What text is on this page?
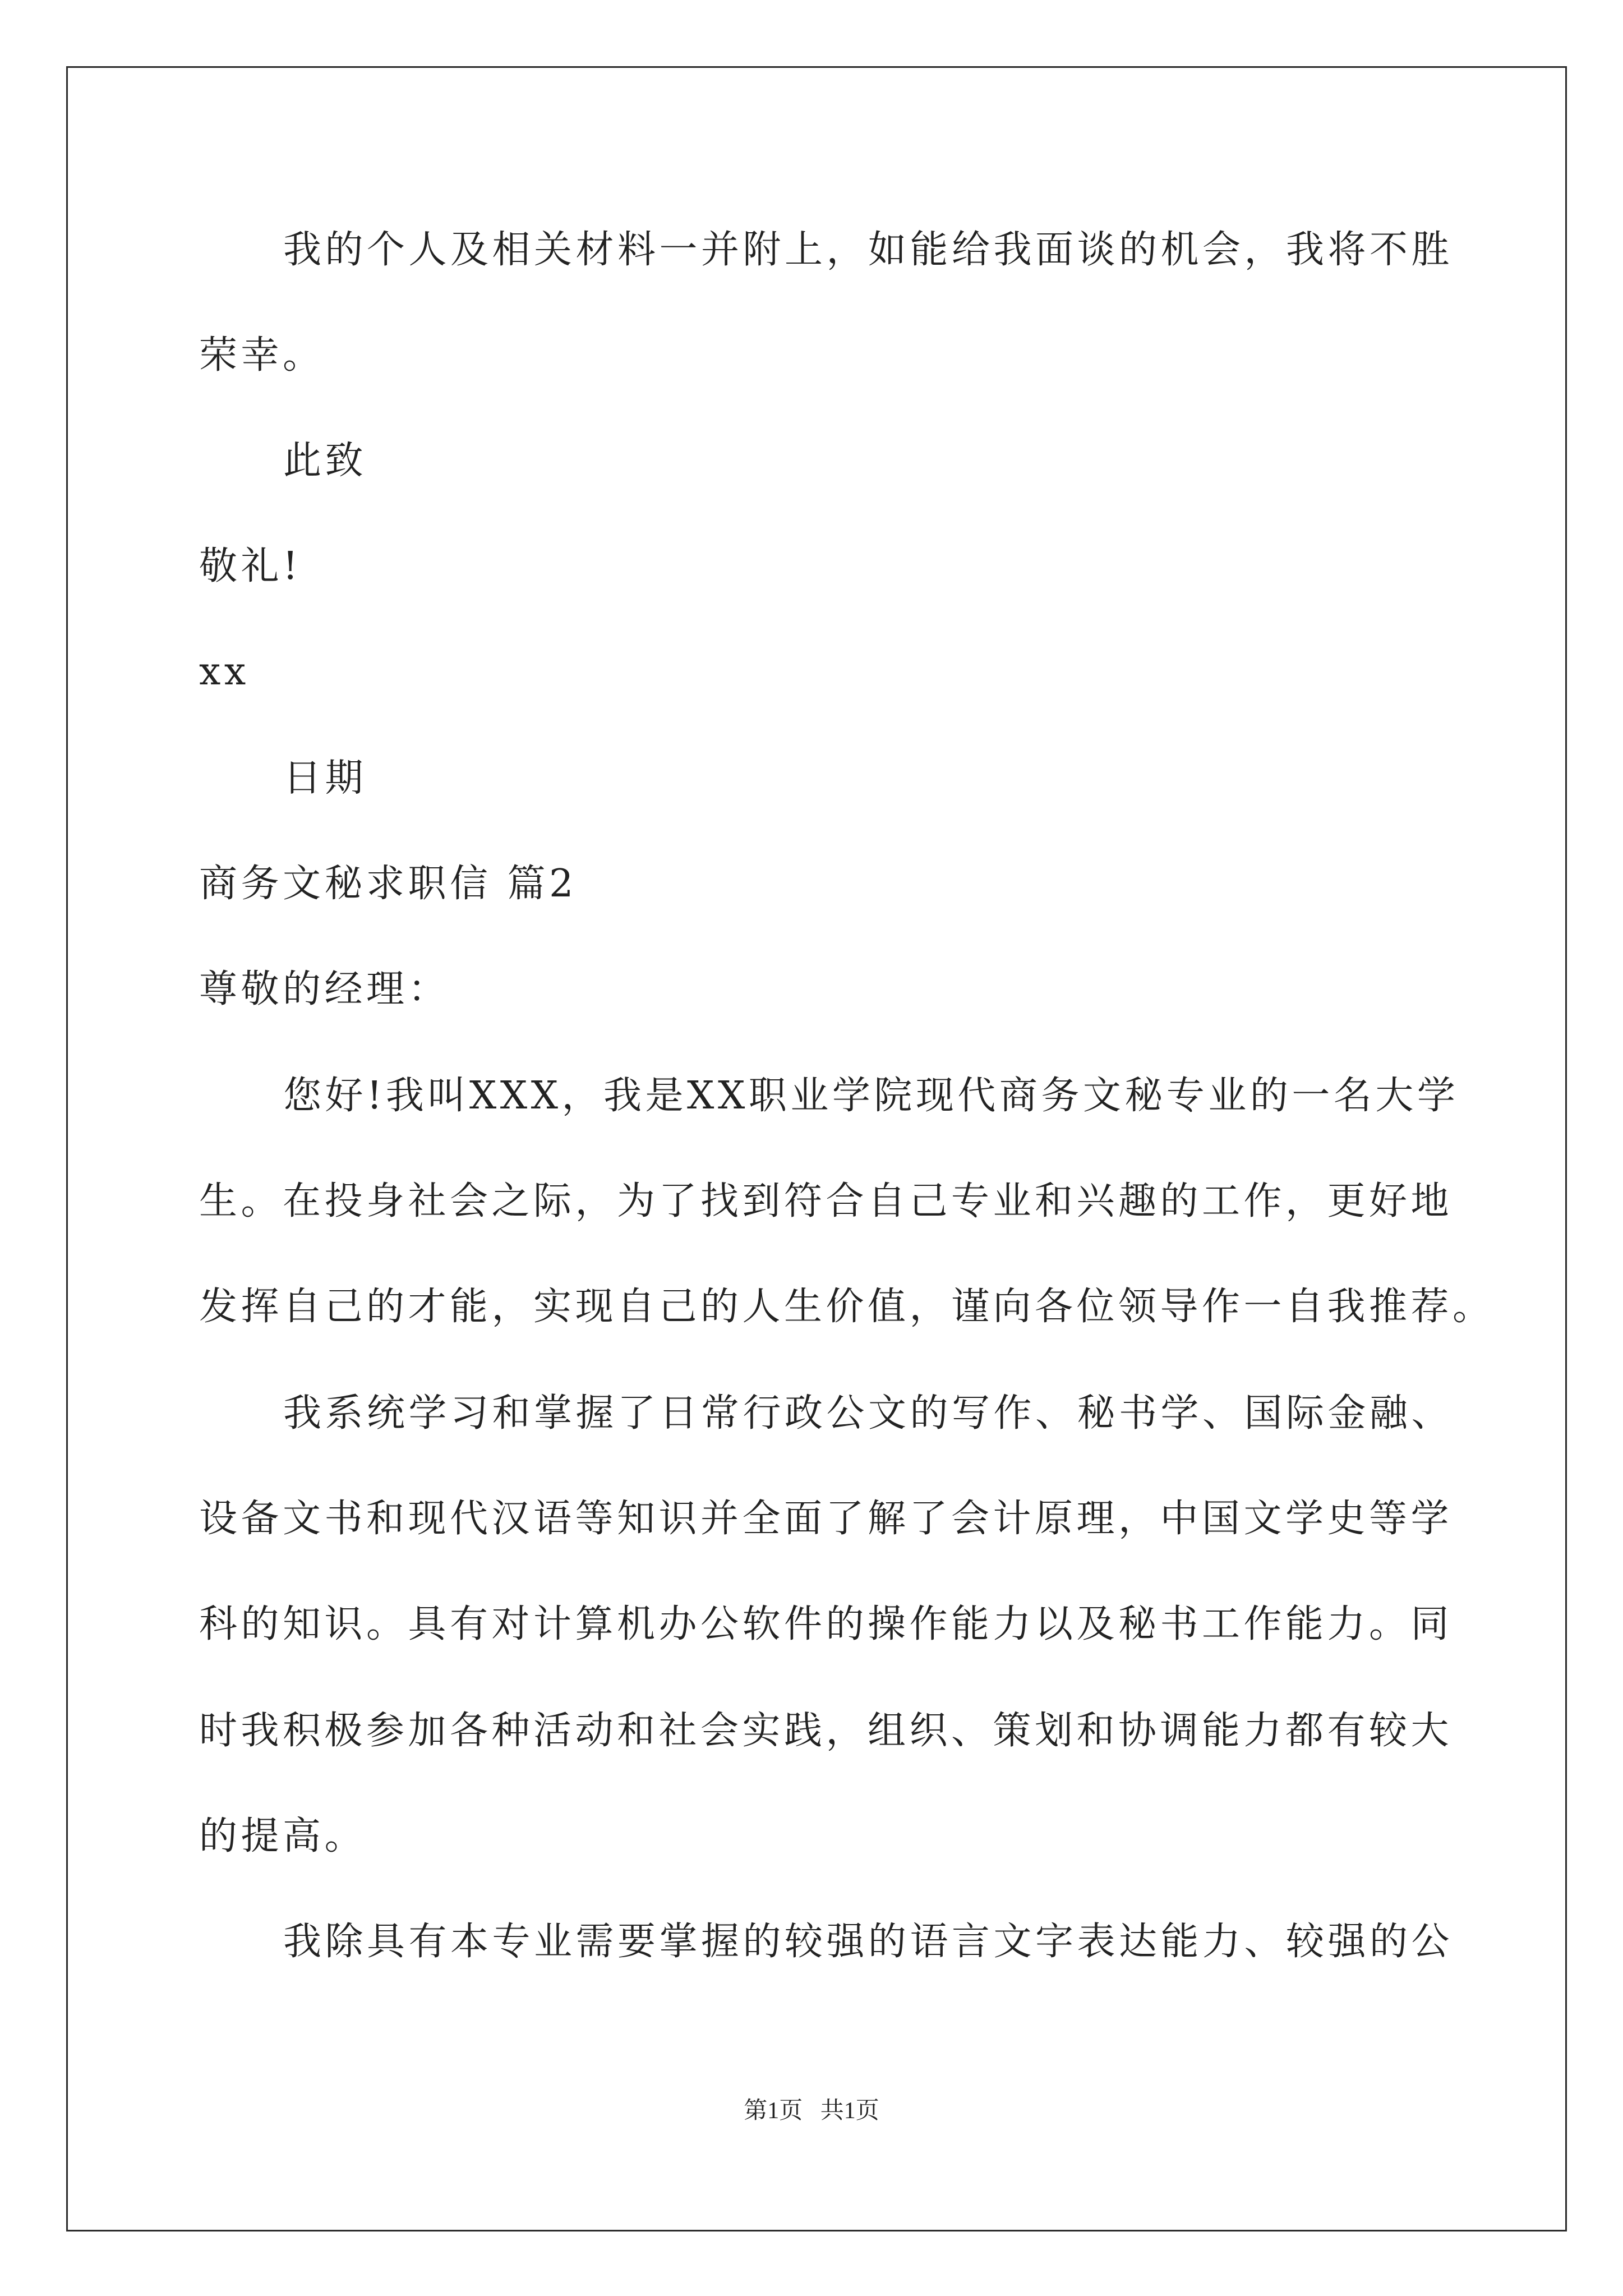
我的个人及相关材料一并附上，如能给我面谈的机会，我将不胜

荣幸。

此致

敬礼!

xx

日期

商务文秘求职信 篇2

尊敬的经理：

您好!我叫XXX，我是XX职业学院现代商务文秘专业的一名大学

生。在投身社会之际，为了找到符合自己专业和兴趣的工作，更好地

发挥自己的才能，实现自己的人生价值，谨向各位领导作一自我推荐。

我系统学习和掌握了日常行政公文的写作、秘书学、国际金融、

设备文书和现代汉语等知识并全面了解了会计原理，中国文学史等学

科的知识。具有对计算机办公软件的操作能力以及秘书工作能力。同

时我积极参加各种活动和社会实践，组织、策划和协调能力都有较大

的提高。

我除具有本专业需要掌握的较强的语言文字表达能力、较强的公

第1页   共1页
